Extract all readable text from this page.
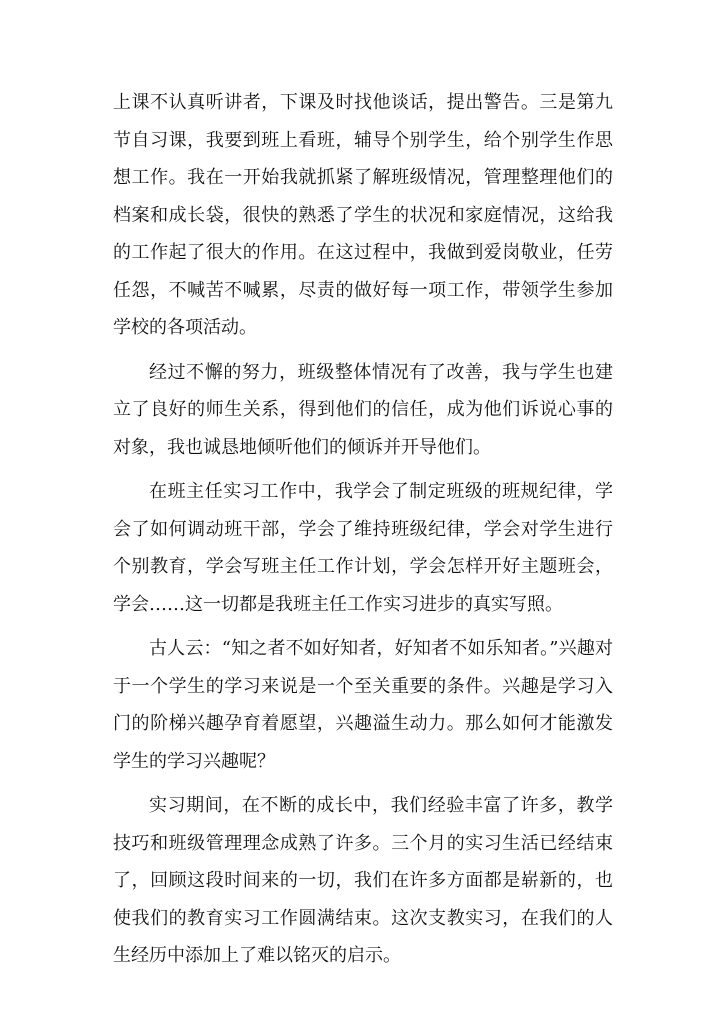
上课不认真听讲者，下课及时找他谈话，提出警告。三是第九节自习课，我要到班上看班，辅导个别学生，给个别学生作思想工作。我在一开始我就抓紧了解班级情况，管理整理他们的档案和成长袋，很快的熟悉了学生的状况和家庭情况，这给我的工作起了很大的作用。在这过程中，我做到爱岗敬业，任劳任怨，不喊苦不喊累，尽责的做好每一项工作，带领学生参加学校的各项活动。

经过不懈的努力，班级整体情况有了改善，我与学生也建立了良好的师生关系，得到他们的信任，成为他们诉说心事的对象，我也诚恳地倾听他们的倾诉并开导他们。

在班主任实习工作中，我学会了制定班级的班规纪律，学会了如何调动班干部，学会了维持班级纪律，学会对学生进行个别教育，学会写班主任工作计划，学会怎样开好主题班会，学会……这一切都是我班主任工作实习进步的真实写照。

古人云：“知之者不如好知者，好知者不如乐知者。”兴趣对于一个学生的学习来说是一个至关重要的条件。兴趣是学习入门的阶梯兴趣孕育着愿望，兴趣溢生动力。那么如何才能激发学生的学习兴趣呢？

实习期间，在不断的成长中，我们经验丰富了许多，教学技巧和班级管理理念成熟了许多。三个月的实习生活已经结束了，回顾这段时间来的一切，我们在许多方面都是崭新的，也使我们的教育实习工作圆满结束。这次支教实习，在我们的人生经历中添加上了难以铭灭的启示。
